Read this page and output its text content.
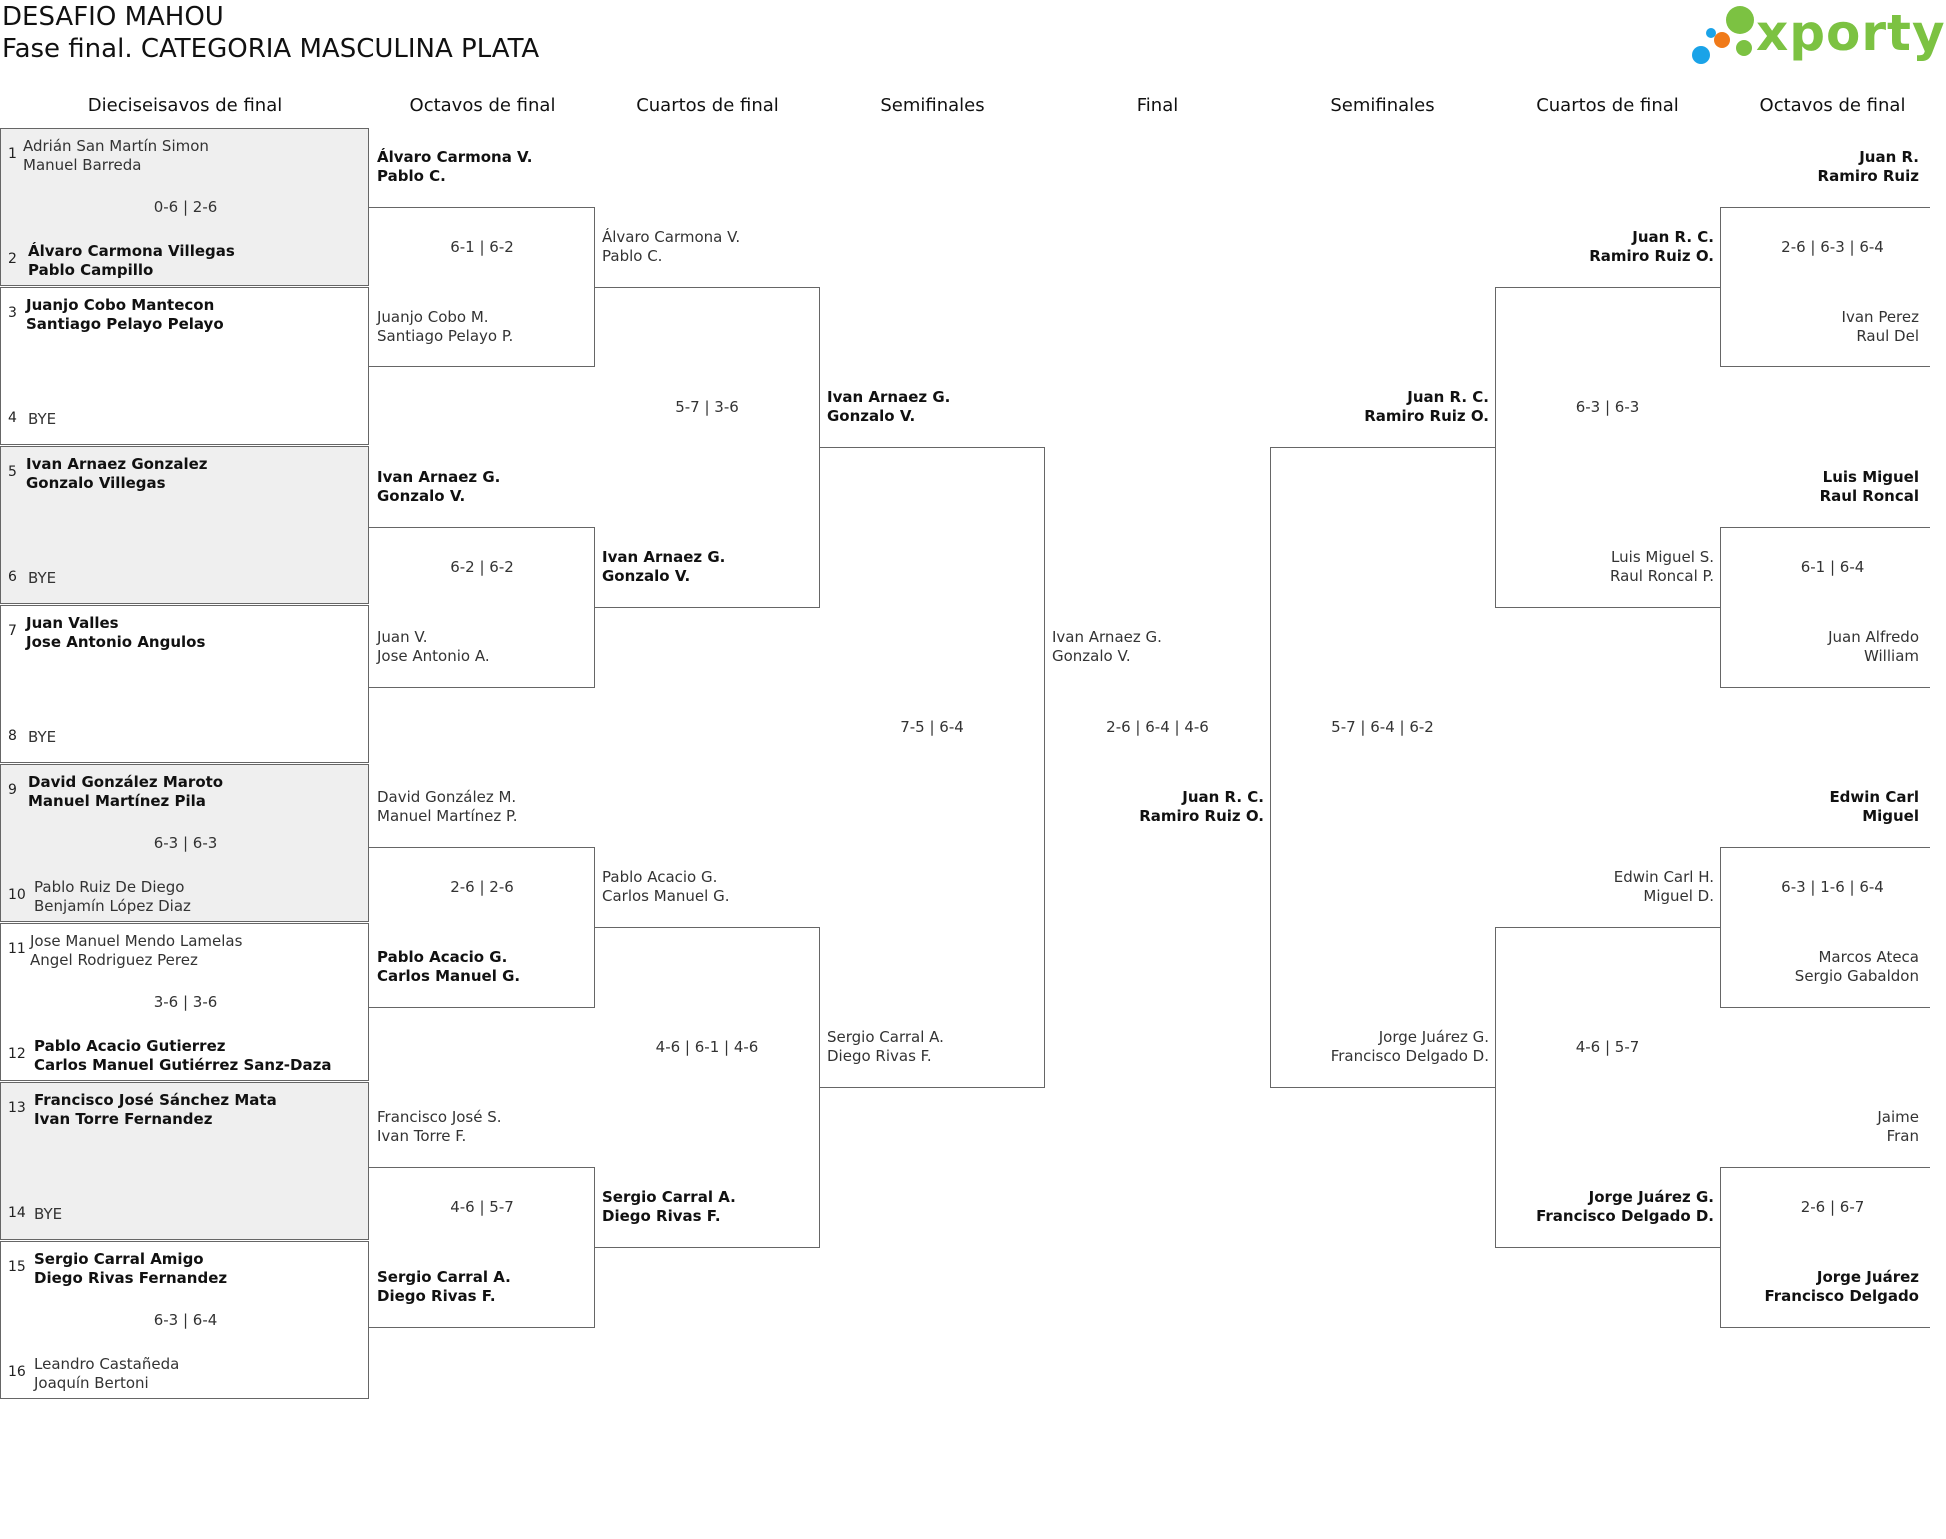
DESAFIO MAHOU
Fase final. CATEGORIA MASCULINA PLATA	xporty
Dieciseisavos de final	Octavos de final	Cuartos de final	Semifinales	Final	Semifinales	Cuartos de final	Octavos de final
1 Adrián San Martín Simon
Manuel Barreda
0-6 | 2-6
2 Álvaro Carmona Villegas
Pablo Campillo
3 Juanjo Cobo Mantecon
Santiago Pelayo Pelayo
4 BYE
5 Ivan Arnaez Gonzalez
Gonzalo Villegas
6 BYE
7 Juan Valles
Jose Antonio Angulos
8 BYE
9 David González Maroto
Manuel Martínez Pila
6-3 | 6-3
10 Pablo Ruiz De Diego
Benjamín López Diaz
11 Jose Manuel Mendo Lamelas
Angel Rodriguez Perez
3-6 | 3-6
12 Pablo Acacio Gutierrez
Carlos Manuel Gutiérrez Sanz-Daza
13 Francisco José Sánchez Mata
Ivan Torre Fernandez
14 BYE
15 Sergio Carral Amigo
Diego Rivas Fernandez
6-3 | 6-4
16 Leandro Castañeda
Joaquín Bertoni
Álvaro Carmona V.
Pablo C.
6-1 | 6-2
Juanjo Cobo M.
Santiago Pelayo P.
Ivan Arnaez G.
Gonzalo V.
6-2 | 6-2
Juan V.
Jose Antonio A.
David González M.
Manuel Martínez P.
2-6 | 2-6
Pablo Acacio G.
Carlos Manuel G.
Francisco José S.
Ivan Torre F.
4-6 | 5-7
Sergio Carral A.
Diego Rivas F.
Álvaro Carmona V.
Pablo C.
5-7 | 3-6
Ivan Arnaez G.
Gonzalo V.
Pablo Acacio G.
Carlos Manuel G.
4-6 | 6-1 | 4-6
Sergio Carral A.
Diego Rivas F.
Ivan Arnaez G.
Gonzalo V.
7-5 | 6-4
Sergio Carral A.
Diego Rivas F.
Ivan Arnaez G.
Gonzalo V.
2-6 | 6-4 | 4-6
Juan R. C.
Ramiro Ruiz O.
Juan R. C.
Ramiro Ruiz O.
5-7 | 6-4 | 6-2
Jorge Juárez G.
Francisco Delgado D.
Juan R. C.
Ramiro Ruiz O.
6-3 | 6-3
Luis Miguel S.
Raul Roncal P.
Edwin Carl H.
Miguel D.
4-6 | 5-7
Jorge Juárez G.
Francisco Delgado D.
Juan R.
Ramiro Ruiz
2-6 | 6-3 | 6-4
Ivan Perez
Raul Del
Luis Miguel
Raul Roncal
6-1 | 6-4
Juan Alfredo
William
Edwin Carl
Miguel
6-3 | 1-6 | 6-4
Marcos Ateca
Sergio Gabaldon
Jaime
Fran
2-6 | 6-7
Jorge Juárez
Francisco Delgado
